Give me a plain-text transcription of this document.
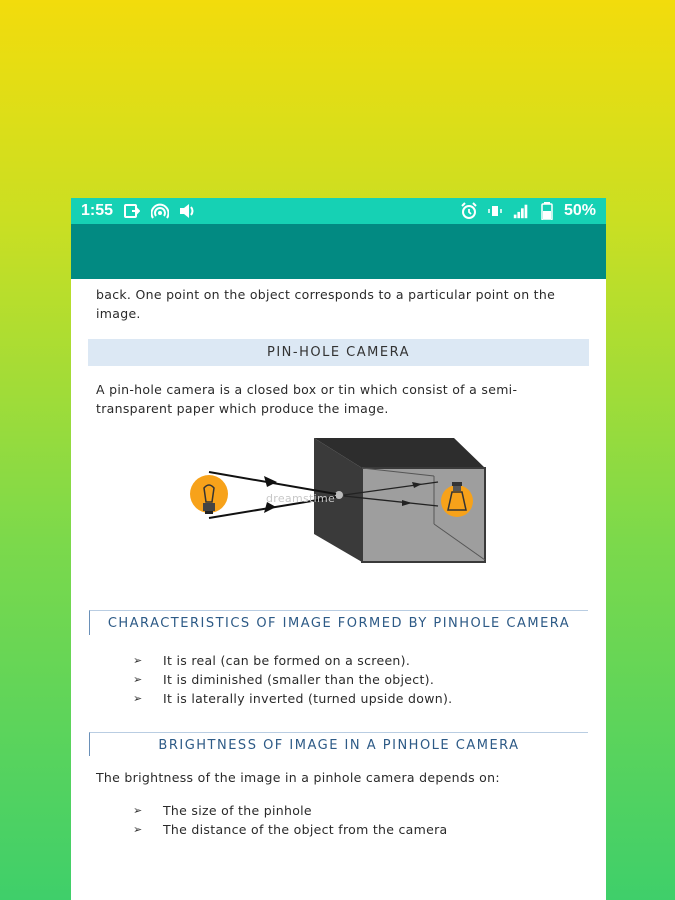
1:55	50%

back. One point on the object corresponds to a particular point on the image.

PIN-HOLE CAMERA

A pin-hole camera is a closed box or tin which consist of a semi-transparent paper which produce the image.

dreamstime
CHARACTERISTICS OF IMAGE FORMED BY PINHOLE CAMERA
➢	It is real (can be formed on a screen).
➢	It is diminished (smaller than the object).
➢	It is laterally inverted (turned upside down).
BRIGHTNESS OF IMAGE IN A PINHOLE CAMERA

The brightness of the image in a pinhole camera depends on:

➢	The size of the pinhole
➢	The distance of the object from the camera
